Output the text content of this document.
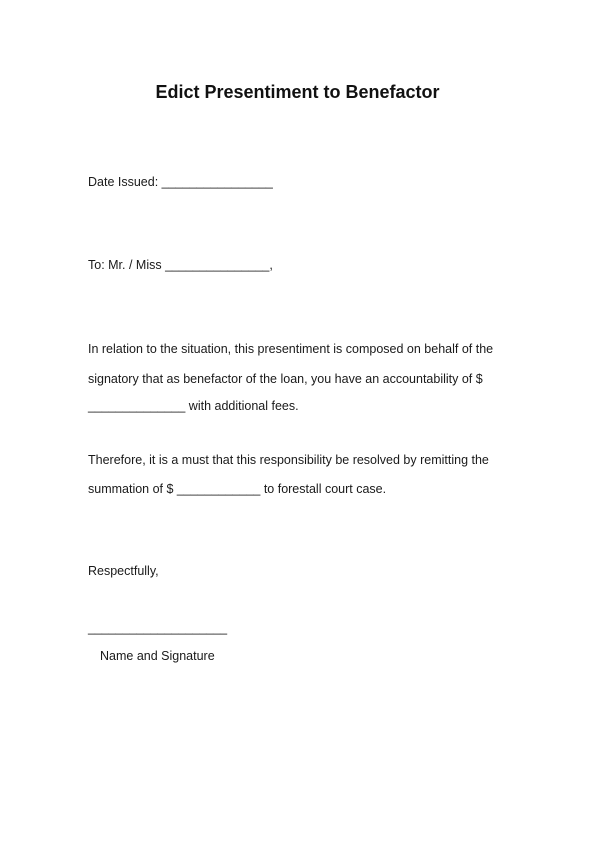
Edict Presentiment to Benefactor
Date Issued: ________________
To: Mr. / Miss _______________,
In relation to the situation, this presentiment is composed on behalf of the
signatory that as benefactor of the loan, you have an accountability of $
______________ with additional fees.
Therefore, it is a must that this responsibility be resolved by remitting the
summation of $ ____________ to forestall court case.
Respectfully,
____________________
Name and Signature
